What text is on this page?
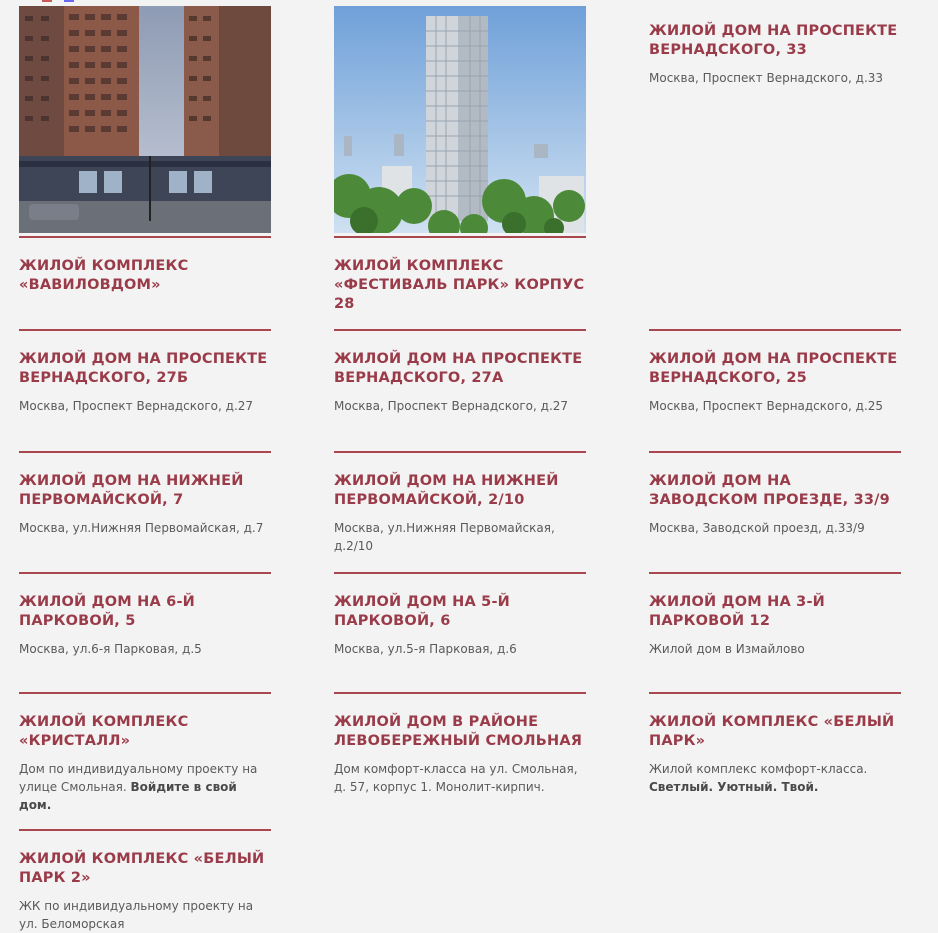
ЖИЛОЙ КОМПЛЕКС «ВАВИЛОВДОМ»
ЖИЛОЙ КОМПЛЕКС «ФЕСТИВАЛЬ ПАРК» КОРПУС 28
ЖИЛОЙ ДОМ НА ПРОСПЕКТЕ ВЕРНАДСКОГО, 33

Москва, Проспект Вернадского, д.33

ЖИЛОЙ ДОМ НА ПРОСПЕКТЕ ВЕРНАДСКОГО, 27Б

Москва, Проспект Вернадского, д.27

ЖИЛОЙ ДОМ НА ПРОСПЕКТЕ ВЕРНАДСКОГО, 27А

Москва, Проспект Вернадского, д.27

ЖИЛОЙ ДОМ НА ПРОСПЕКТЕ ВЕРНАДСКОГО, 25

Москва, Проспект Вернадского, д.25

ЖИЛОЙ ДОМ НА НИЖНЕЙ ПЕРВОМАЙСКОЙ, 7

Москва, ул.Нижняя Первомайская, д.7

ЖИЛОЙ ДОМ НА НИЖНЕЙ ПЕРВОМАЙСКОЙ, 2/10

Москва, ул.Нижняя Первомайская, д.2/10

ЖИЛОЙ ДОМ НА ЗАВОДСКОМ ПРОЕЗДЕ, 33/9

Москва, Заводской проезд, д.33/9

ЖИЛОЙ ДОМ НА 6-Й ПАРКОВОЙ, 5

Москва, ул.6-я Парковая, д.5

ЖИЛОЙ ДОМ НА 5-Й ПАРКОВОЙ, 6

Москва, ул.5-я Парковая, д.6

ЖИЛОЙ ДОМ НА 3-Й ПАРКОВОЙ 12

Жилой дом в Измайлово

ЖИЛОЙ КОМПЛЕКС «КРИСТАЛЛ»

Дом по индивидуальному проекту на улице Смольная. Войдите в свой дом.

ЖИЛОЙ ДОМ В РАЙОНЕ ЛЕВОБЕРЕЖНЫЙ СМОЛЬНАЯ

Дом комфорт-класса на ул. Смольная, д. 57, корпус 1. Монолит-кирпич.

ЖИЛОЙ КОМПЛЕКС «БЕЛЫЙ ПАРК»

Жилой комплекс комфорт-класса. Светлый. Уютный. Твой.

ЖИЛОЙ КОМПЛЕКС «БЕЛЫЙ ПАРК 2»

ЖК по индивидуальному проекту на ул. Беломорская
